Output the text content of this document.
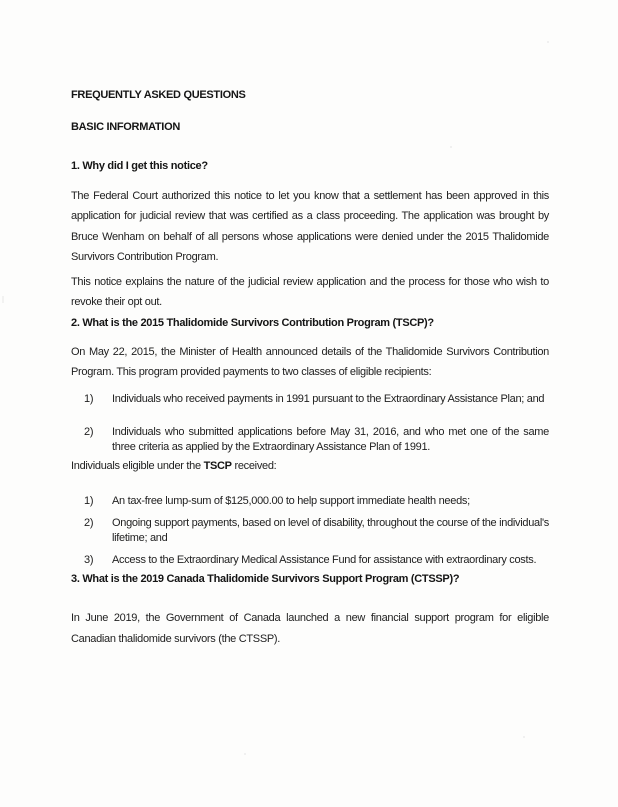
FREQUENTLY ASKED QUESTIONS
BASIC INFORMATION
1. Why did I get this notice?

The Federal Court authorized this notice to let you know that a settlement has been approved in this application for judicial review that was certified as a class proceeding. The application was brought by Bruce Wenham on behalf of all persons whose applications were denied under the 2015 Thalidomide Survivors Contribution Program.

This notice explains the nature of the judicial review application and the process for those who wish to revoke their opt out.

2. What is the 2015 Thalidomide Survivors Contribution Program (TSCP)?

On May 22, 2015, the Minister of Health announced details of the Thalidomide Survivors Contribution Program. This program provided payments to two classes of eligible recipients:

1)	Individuals who received payments in 1991 pursuant to the Extraordinary Assistance Plan; and
2)	Individuals who submitted applications before May 31, 2016, and who met one of the same three criteria as applied by the Extraordinary Assistance Plan of 1991.

Individuals eligible under the TSCP received:

1)	An tax-free lump-sum of $125,000.00 to help support immediate health needs;
2)	Ongoing support payments, based on level of disability, throughout the course of the individual's lifetime; and
3)	Access to the Extraordinary Medical Assistance Fund for assistance with extraordinary costs.
3. What is the 2019 Canada Thalidomide Survivors Support Program (CTSSP)?

In June 2019, the Government of Canada launched a new financial support program for eligible Canadian thalidomide survivors (the CTSSP).
